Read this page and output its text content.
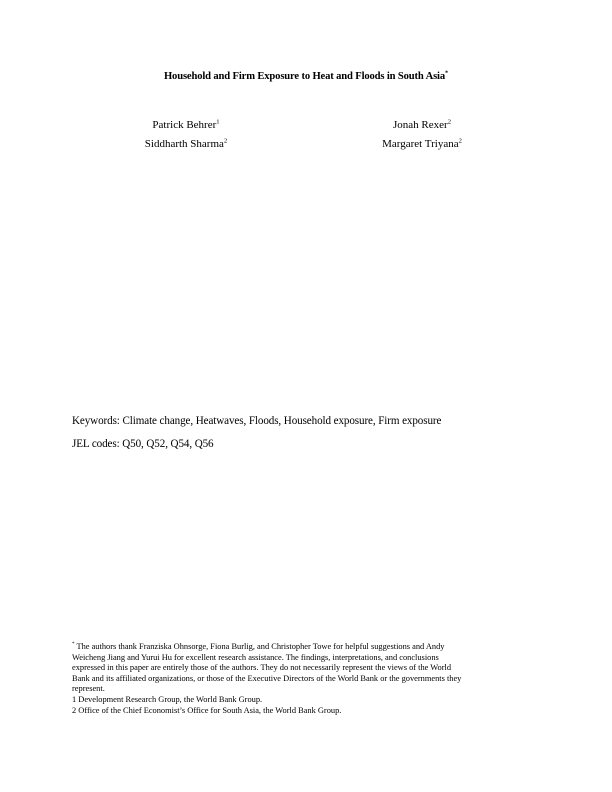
Household and Firm Exposure to Heat and Floods in South Asia*
Patrick Behrer$^1$	Jonah Rexer$^2$
Siddharth Sharma$^2$	Margaret Triyana$^2$
Keywords: Climate change, Heatwaves, Floods, Household exposure, Firm exposure
JEL codes: Q50, Q52, Q54, Q56
* The authors thank Franziska Ohnsorge, Fiona Burlig, and Christopher Towe for helpful suggestions and Andy
Weicheng Jiang and Yurui Hu for excellent research assistance. The findings, interpretations, and conclusions
expressed in this paper are entirely those of the authors. They do not necessarily represent the views of the World
Bank and its affiliated organizations, or those of the Executive Directors of the World Bank or the governments they
represent.
1 Development Research Group, the World Bank Group.
2 Office of the Chief Economist’s Office for South Asia, the World Bank Group.
